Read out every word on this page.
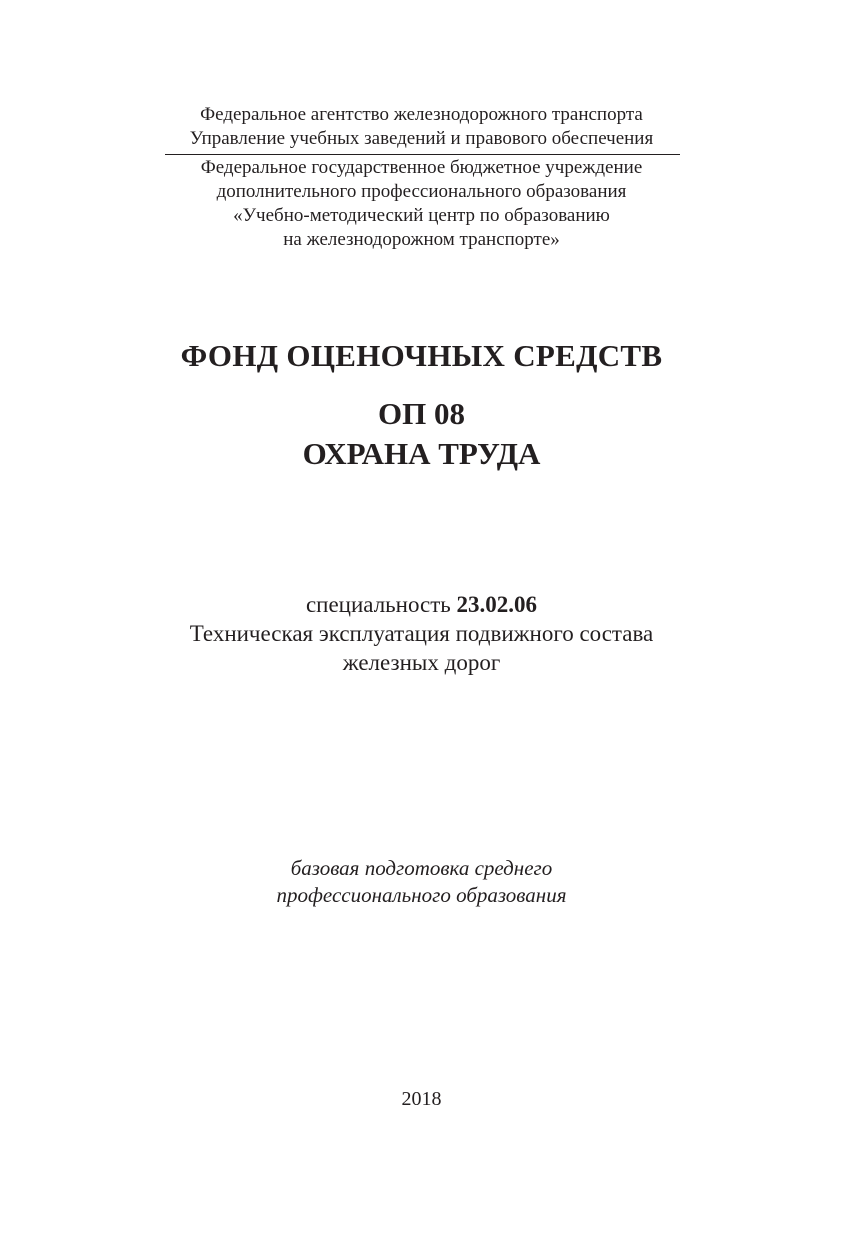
Федеральное агентство железнодорожного транспорта
Управление учебных заведений и правового обеспечения
Федеральное государственное бюджетное учреждение
дополнительного профессионального образования
«Учебно-методический центр по образованию
на железнодорожном транспорте»
ФОНД ОЦЕНОЧНЫХ СРЕДСТВ
ОП 08
ОХРАНА ТРУДА
специальность 23.02.06
Техническая эксплуатация подвижного состава
железных дорог
базовая подготовка среднего
профессионального образования
2018
